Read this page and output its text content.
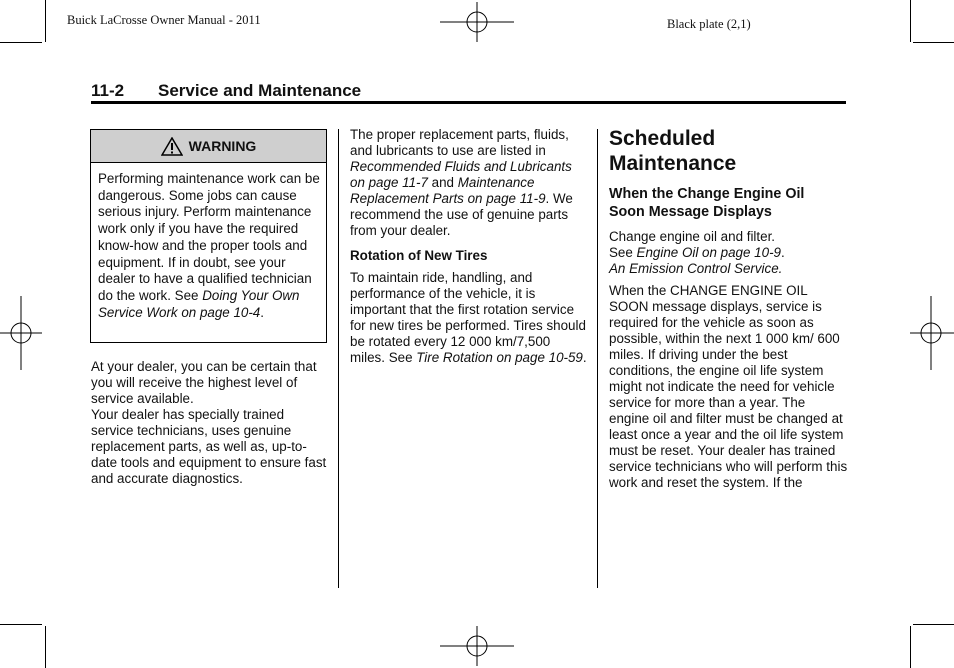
Buick LaCrosse Owner Manual - 2011	Black plate (2,1)
11-2 Service and Maintenance
WARNING
Performing maintenance work can be dangerous. Some jobs can cause serious injury. Perform maintenance work only if you have the required know-how and the proper tools and equipment. If in doubt, see your dealer to have a qualified technician do the work. See Doing Your Own Service Work on page 10-4.

At your dealer, you can be certain that you will receive the highest level of service available.

Your dealer has specially trained service technicians, uses genuine replacement parts, as well as, up-to-date tools and equipment to ensure fast and accurate diagnostics.

The proper replacement parts, fluids, and lubricants to use are listed in Recommended Fluids and Lubricants on page 11-7 and Maintenance Replacement Parts on page 11-9. We recommend the use of genuine parts from your dealer.

Rotation of New Tires

To maintain ride, handling, and performance of the vehicle, it is important that the first rotation service for new tires be performed. Tires should be rotated every 12 000 km/7,500 miles. See Tire Rotation on page 10-59.

Scheduled Maintenance

When the Change Engine Oil Soon Message Displays

Change engine oil and filter.
See Engine Oil on page 10-9.
An Emission Control Service.

When the CHANGE ENGINE OIL SOON message displays, service is required for the vehicle as soon as possible, within the next 1 000 km/ 600 miles. If driving under the best conditions, the engine oil life system might not indicate the need for vehicle service for more than a year. The engine oil and filter must be changed at least once a year and the oil life system must be reset. Your dealer has trained service technicians who will perform this work and reset the system. If the
